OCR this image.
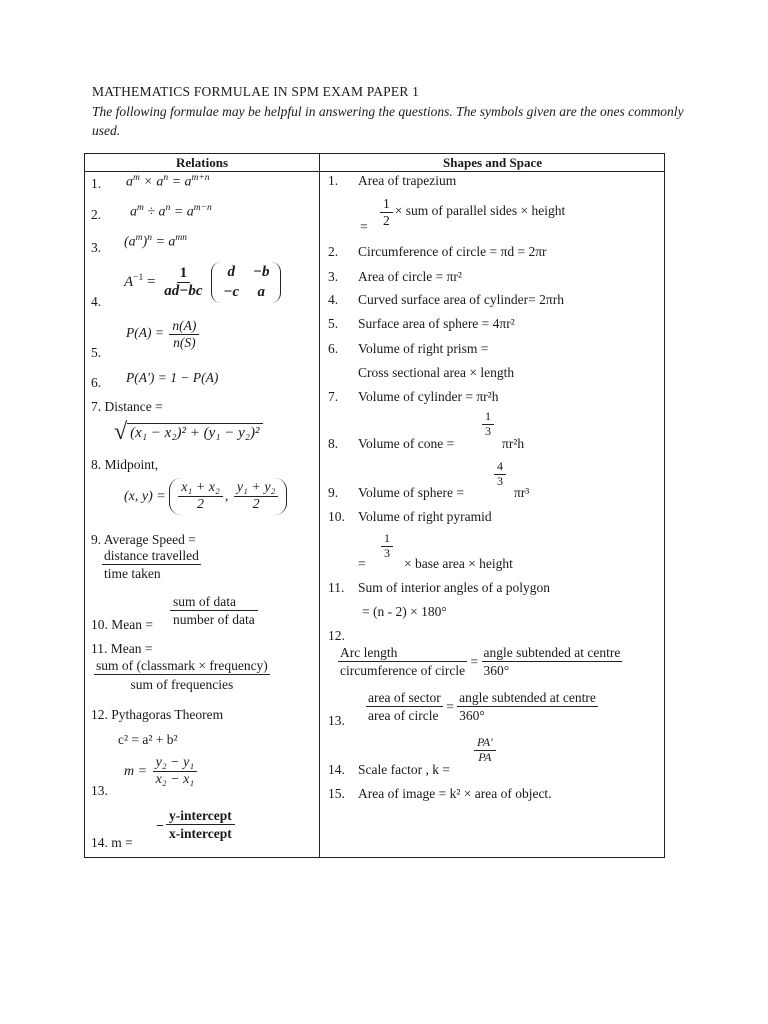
MATHEMATICS FORMULAE IN SPM EXAM PAPER 1
The following formulae may be helpful in answering the questions. The symbols given are the ones commonly used.
Relations	Shapes and Space
1. $a^m \times a^n = a^{m+n}$
2. $a^m \div a^n = a^{m-n}$
3. $(a^m)^n = a^{mn}$
4.
$A^{-1} = \frac{1}{ad-bc}$
	d	−b
−c	a
5.
$P(A) = \frac{n(A)}{n(S)}$
6. P(A') = 1 − P(A)
7. Distance =
√ (x₁ − x₂)² + (y₁ − y₂)²
8. Midpoint,
(x, $y) = \frac{\text{x₁ + x₂}}{2}$ , $\frac{\text{y₁ + y₂}}{2}$
9. Average Speed =
distance travelled
time taken
sum of data
number of data
10. Mean =
11. Mean =
sum of (classmark × frequency)
sum of frequencies
12. Pythagoras Theorem
c² = a² + b²
$m = \frac{\text{y₂ − y₁}}{\text{x₂ − x₁}}$
13.
−
y-intercept
x-intercept
14. m =
1. Area of trapezium
= $\frac{1}{2}$ × sum of parallel sides × height
2. Circumference of circle = πd = 2πr
3. Area of circle = πr²
4. Curved surface area of cylinder= 2πrh
5. Surface area of sphere = 4πr²
6. Volume of right prism =
Cross sectional area × length
7. Volume of cylinder = πr²h
8. Volume of cone =
$\frac{1}{3}$
πr²h
9. Volume of sphere =
$\frac{4}{3}$
πr³
10. Volume of right pyramid
=
$\frac{1}{3}$
× base area × height
11. Sum of interior angles of a polygon
= (n - 2) × 180°
12.
Arc length
circumference of circle
=
angle subtended at centre
360°
area of sector
area of circle
=
angle subtended at centre
360°
13.
14. Scale factor , k =
$\frac{PA'}{PA}$
15. Area of image = k² × area of object.
